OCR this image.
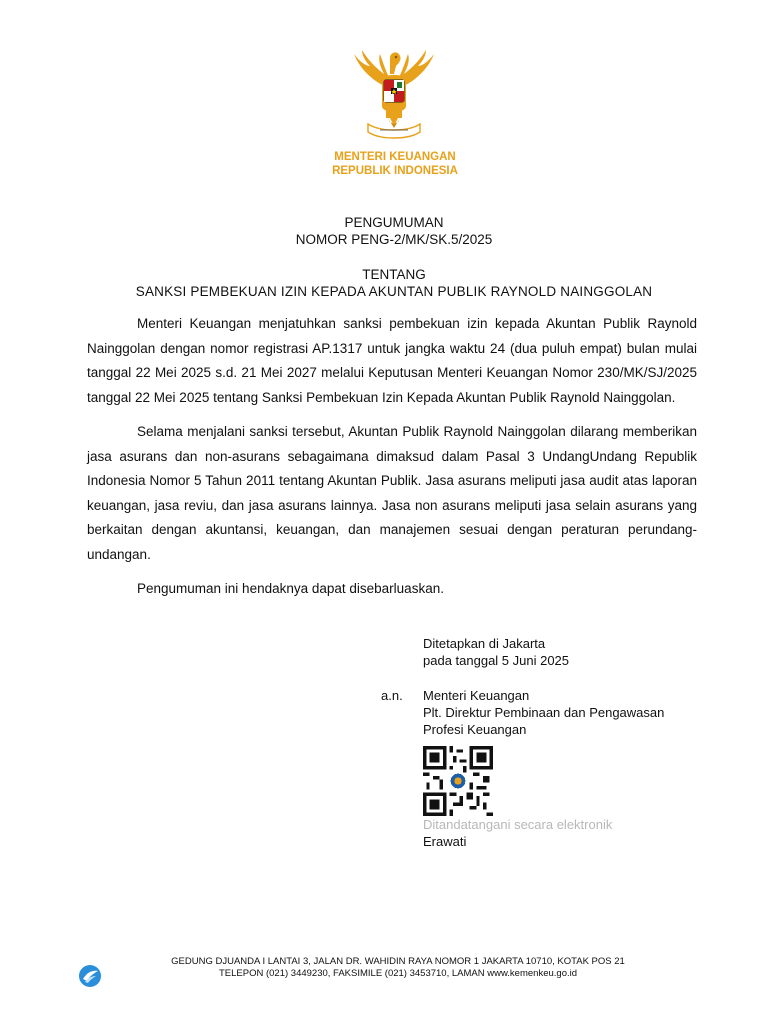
MENTERI KEUANGAN
REPUBLIK INDONESIA
PENGUMUMAN
NOMOR PENG-2/MK/SK.5/2025
TENTANG
SANKSI PEMBEKUAN IZIN KEPADA AKUNTAN PUBLIK RAYNOLD NAINGGOLAN

Menteri Keuangan menjatuhkan sanksi pembekuan izin kepada Akuntan Publik Raynold Nainggolan dengan nomor registrasi AP.1317 untuk jangka waktu 24 (dua puluh empat) bulan mulai tanggal 22 Mei 2025 s.d. 21 Mei 2027 melalui Keputusan Menteri Keuangan Nomor 230/MK/SJ/2025 tanggal 22 Mei 2025 tentang Sanksi Pembekuan Izin Kepada Akuntan Publik Raynold Nainggolan.

Selama menjalani sanksi tersebut, Akuntan Publik Raynold Nainggolan dilarang memberikan jasa asurans dan non-asurans sebagaimana dimaksud dalam Pasal 3 UndangUndang Republik Indonesia Nomor 5 Tahun 2011 tentang Akuntan Publik. Jasa asurans meliputi jasa audit atas laporan keuangan, jasa reviu, dan jasa asurans lainnya. Jasa non asurans meliputi jasa selain asurans yang berkaitan dengan akuntansi, keuangan, dan manajemen sesuai dengan peraturan perundang-undangan.

Pengumuman ini hendaknya dapat disebarluaskan.

Ditetapkan di Jakarta
pada tanggal 5 Juni 2025
a.n.	Menteri Keuangan
Plt. Direktur Pembinaan dan Pengawasan
Profesi Keuangan
Ditandatangani secara elektronik
Erawati
GEDUNG DJUANDA I LANTAI 3, JALAN DR. WAHIDIN RAYA NOMOR 1 JAKARTA 10710, KOTAK POS 21
TELEPON (021) 3449230, FAKSIMILE (021) 3453710, LAMAN www.kemenkeu.go.id
